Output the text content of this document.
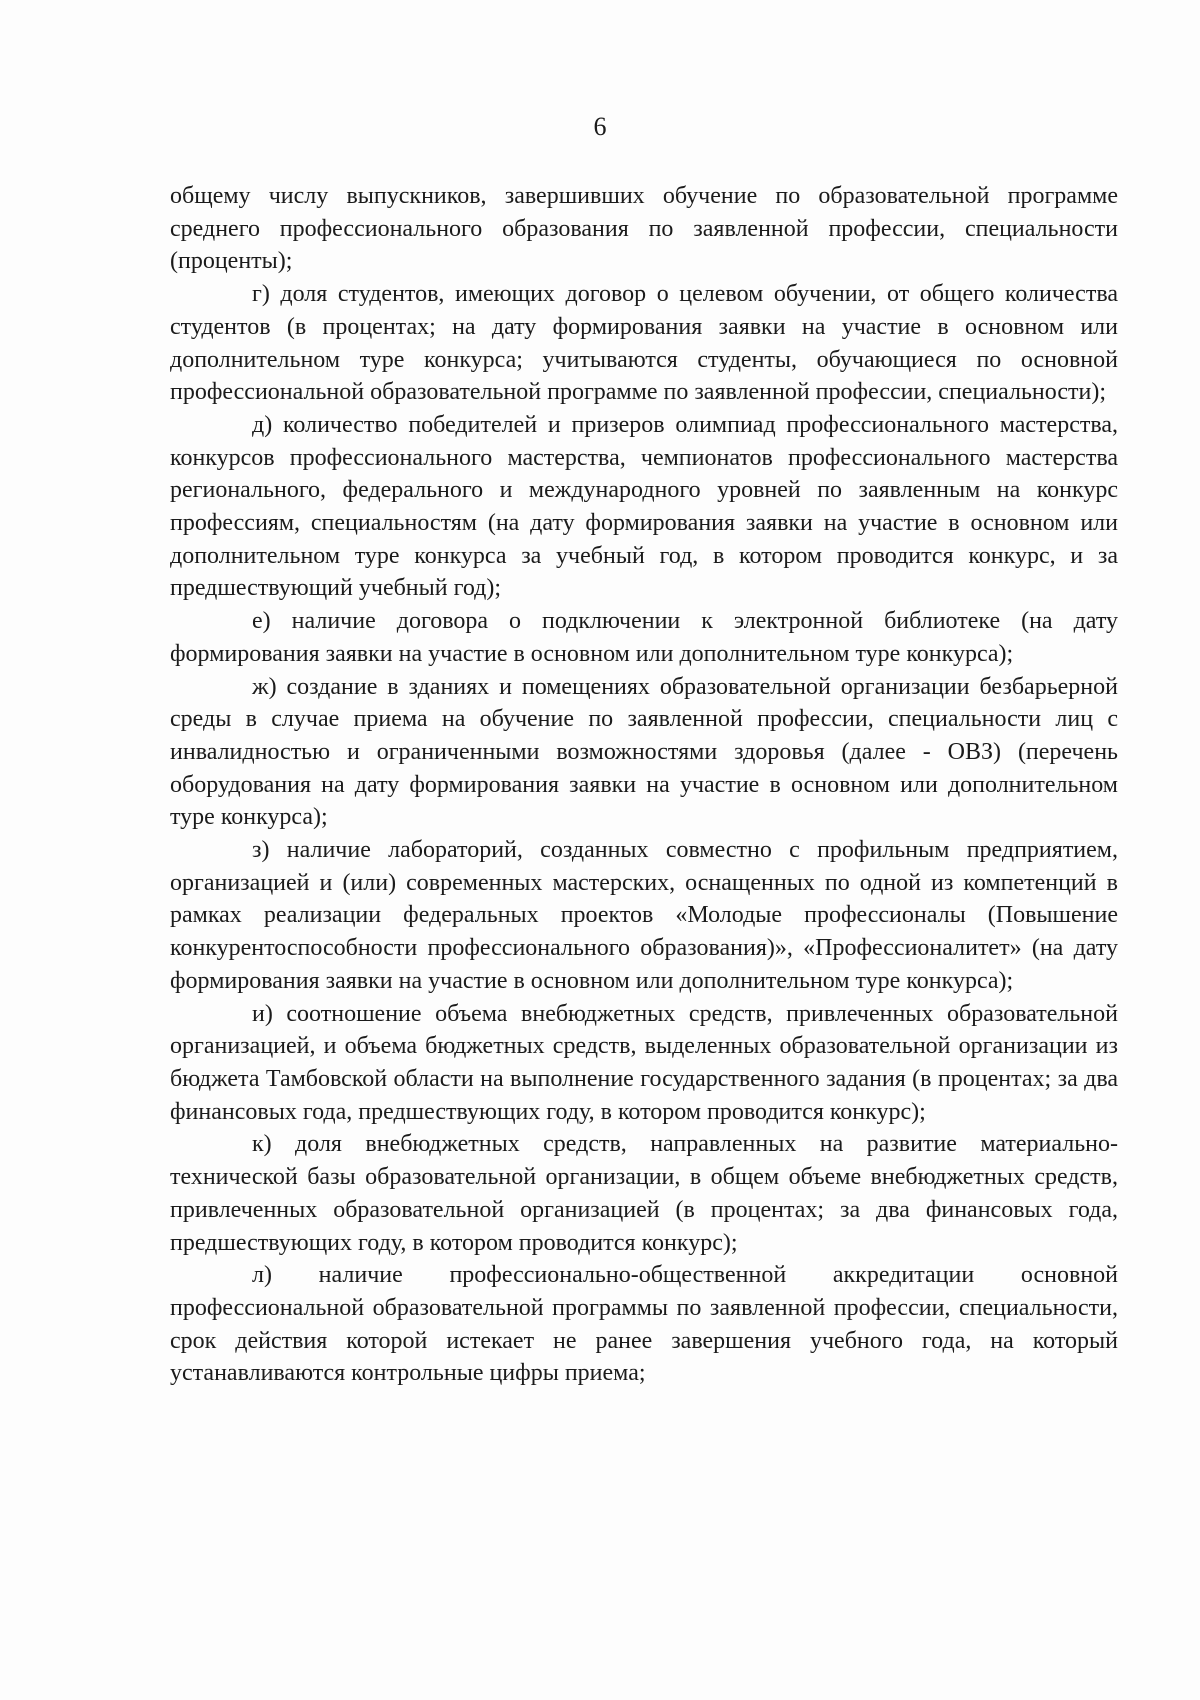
6

общему числу выпускников, завершивших обучение по образовательной программе среднего профессионального образования по заявленной профессии, специальности (проценты);

г) доля студентов, имеющих договор о целевом обучении, от общего количества студентов (в процентах; на дату формирования заявки на участие в основном или дополнительном туре конкурса; учитываются студенты, обучающиеся по основной профессиональной образовательной программе по заявленной профессии, специальности);

д) количество победителей и призеров олимпиад профессионального мастерства, конкурсов профессионального мастерства, чемпионатов профессионального мастерства регионального, федерального и международного уровней по заявленным на конкурс профессиям, специальностям (на дату формирования заявки на участие в основном или дополнительном туре конкурса за учебный год, в котором проводится конкурс, и за предшествующий учебный год);

е) наличие договора о подключении к электронной библиотеке (на дату формирования заявки на участие в основном или дополнительном туре конкурса);

ж) создание в зданиях и помещениях образовательной организации безбарьерной среды в случае приема на обучение по заявленной профессии, специальности лиц с инвалидностью и ограниченными возможностями здоровья (далее - ОВЗ) (перечень оборудования на дату формирования заявки на участие в основном или дополнительном туре конкурса);

з) наличие лабораторий, созданных совместно с профильным предприятием, организацией и (или) современных мастерских, оснащенных по одной из компетенций в рамках реализации федеральных проектов «Молодые профессионалы (Повышение конкурентоспособности профессионального образования)», «Профессионалитет» (на дату формирования заявки на участие в основном или дополнительном туре конкурса);

и) соотношение объема внебюджетных средств, привлеченных образовательной организацией, и объема бюджетных средств, выделенных образовательной организации из бюджета Тамбовской области на выполнение государственного задания (в процентах; за два финансовых года, предшествующих году, в котором проводится конкурс);

к) доля внебюджетных средств, направленных на развитие материально-технической базы образовательной организации, в общем объеме внебюджетных средств, привлеченных образовательной организацией (в процентах; за два финансовых года, предшествующих году, в котором проводится конкурс);

л) наличие профессионально-общественной аккредитации основной профессиональной образовательной программы по заявленной профессии, специальности, срок действия которой истекает не ранее завершения учебного года, на который устанавливаются контрольные цифры приема;
